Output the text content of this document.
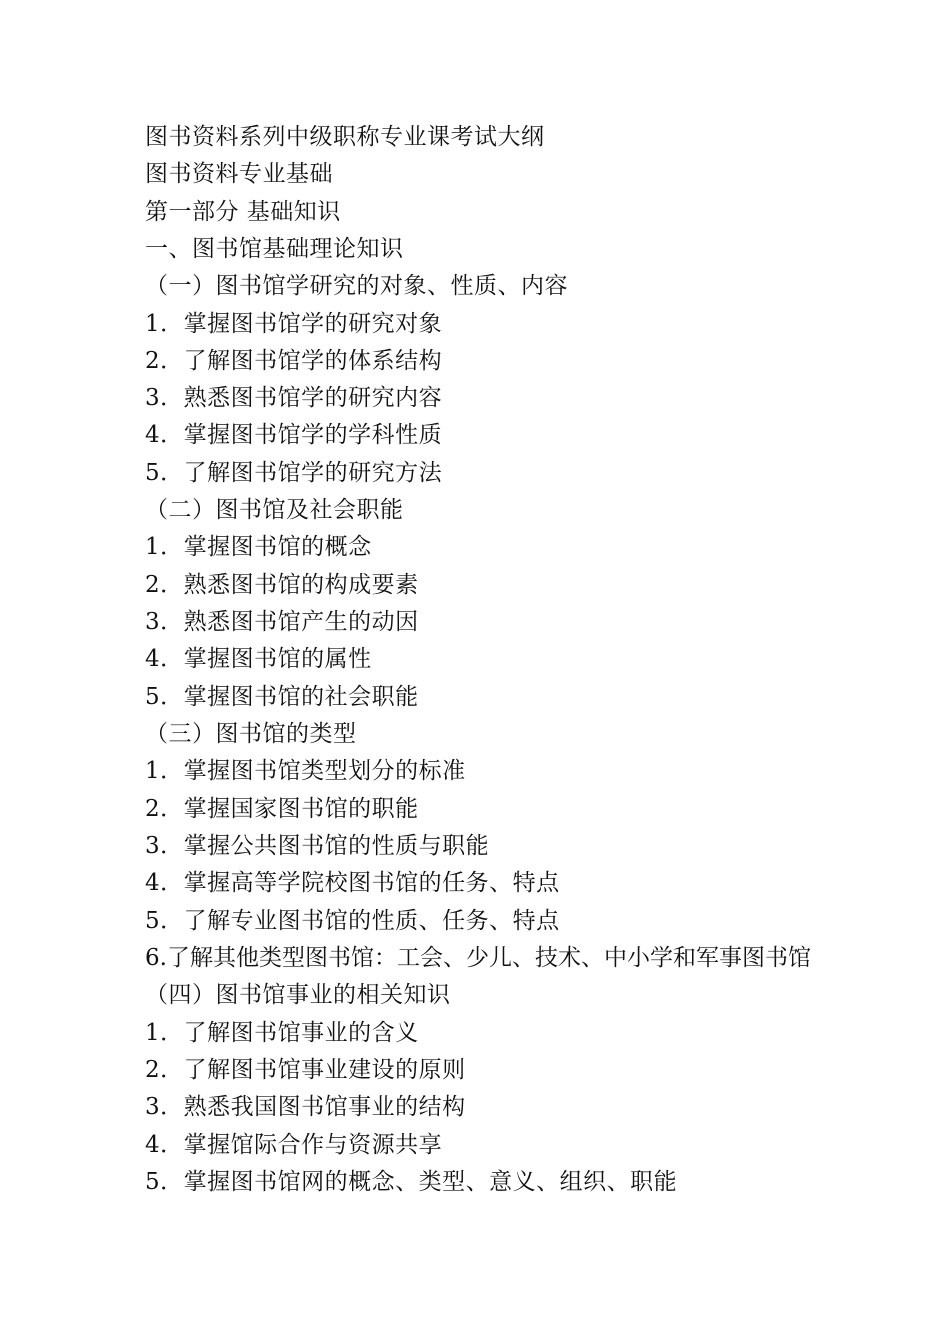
图书资料系列中级职称专业课考试大纲
图书资料专业基础
第一部分 基础知识
一、图书馆基础理论知识
（一）图书馆学研究的对象、性质、内容
1．掌握图书馆学的研究对象
2．了解图书馆学的体系结构
3．熟悉图书馆学的研究内容
4．掌握图书馆学的学科性质
5．了解图书馆学的研究方法
（二）图书馆及社会职能
1．掌握图书馆的概念
2．熟悉图书馆的构成要素
3．熟悉图书馆产生的动因
4．掌握图书馆的属性
5．掌握图书馆的社会职能
（三）图书馆的类型
1．掌握图书馆类型划分的标准
2．掌握国家图书馆的职能
3．掌握公共图书馆的性质与职能
4．掌握高等学院校图书馆的任务、特点
5．了解专业图书馆的性质、任务、特点
6.了解其他类型图书馆：工会、少儿、技术、中小学和军事图书馆
（四）图书馆事业的相关知识
1．了解图书馆事业的含义
2．了解图书馆事业建设的原则
3．熟悉我国图书馆事业的结构
4．掌握馆际合作与资源共享
5．掌握图书馆网的概念、类型、意义、组织、职能
